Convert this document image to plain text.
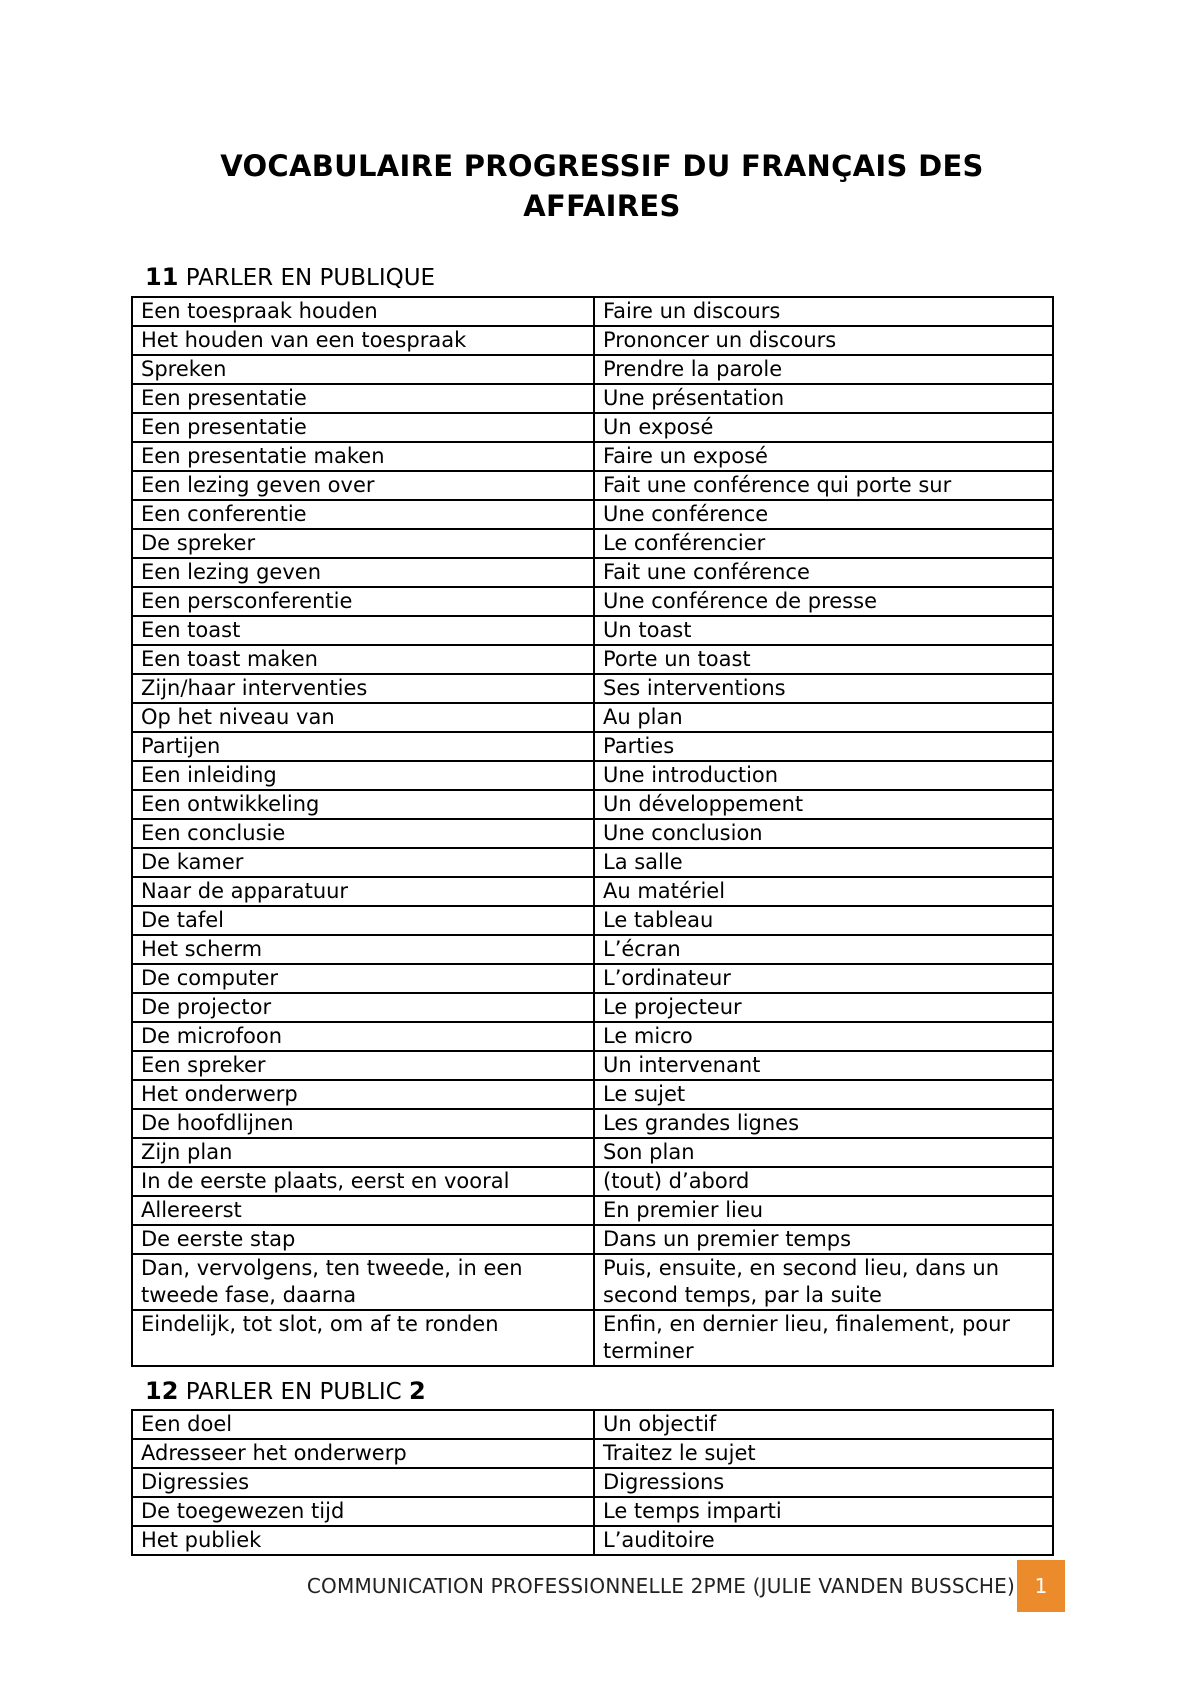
VOCABULAIRE PROGRESSIF DU FRANÇAIS DES
AFFAIRES
11 PARLER EN PUBLIQUE
Een toespraak houden	Faire un discours
Het houden van een toespraak	Prononcer un discours
Spreken	Prendre la parole
Een presentatie	Une présentation
Een presentatie	Un exposé
Een presentatie maken	Faire un exposé
Een lezing geven over	Fait une conférence qui porte sur
Een conferentie	Une conférence
De spreker	Le conférencier
Een lezing geven	Fait une conférence
Een persconferentie	Une conférence de presse
Een toast	Un toast
Een toast maken	Porte un toast
Zijn/haar interventies	Ses interventions
Op het niveau van	Au plan
Partijen	Parties
Een inleiding	Une introduction
Een ontwikkeling	Un développement
Een conclusie	Une conclusion
De kamer	La salle
Naar de apparatuur	Au matériel
De tafel	Le tableau
Het scherm	L’écran
De computer	L’ordinateur
De projector	Le projecteur
De microfoon	Le micro
Een spreker	Un intervenant
Het onderwerp	Le sujet
De hoofdlijnen	Les grandes lignes
Zijn plan	Son plan
In de eerste plaats, eerst en vooral	(tout) d’abord
Allereerst	En premier lieu
De eerste stap	Dans un premier temps
Dan, vervolgens, ten tweede, in een tweede fase, daarna	Puis, ensuite, en second lieu, dans un second temps, par la suite
Eindelijk, tot slot, om af te ronden	Enfin, en dernier lieu, finalement, pour terminer
12 PARLER EN PUBLIC 2
Een doel	Un objectif
Adresseer het onderwerp	Traitez le sujet
Digressies	Digressions
De toegewezen tijd	Le temps imparti
Het publiek	L’auditoire
COMMUNICATION PROFESSIONNELLE 2PME (JULIE VANDEN BUSSCHE) 1
